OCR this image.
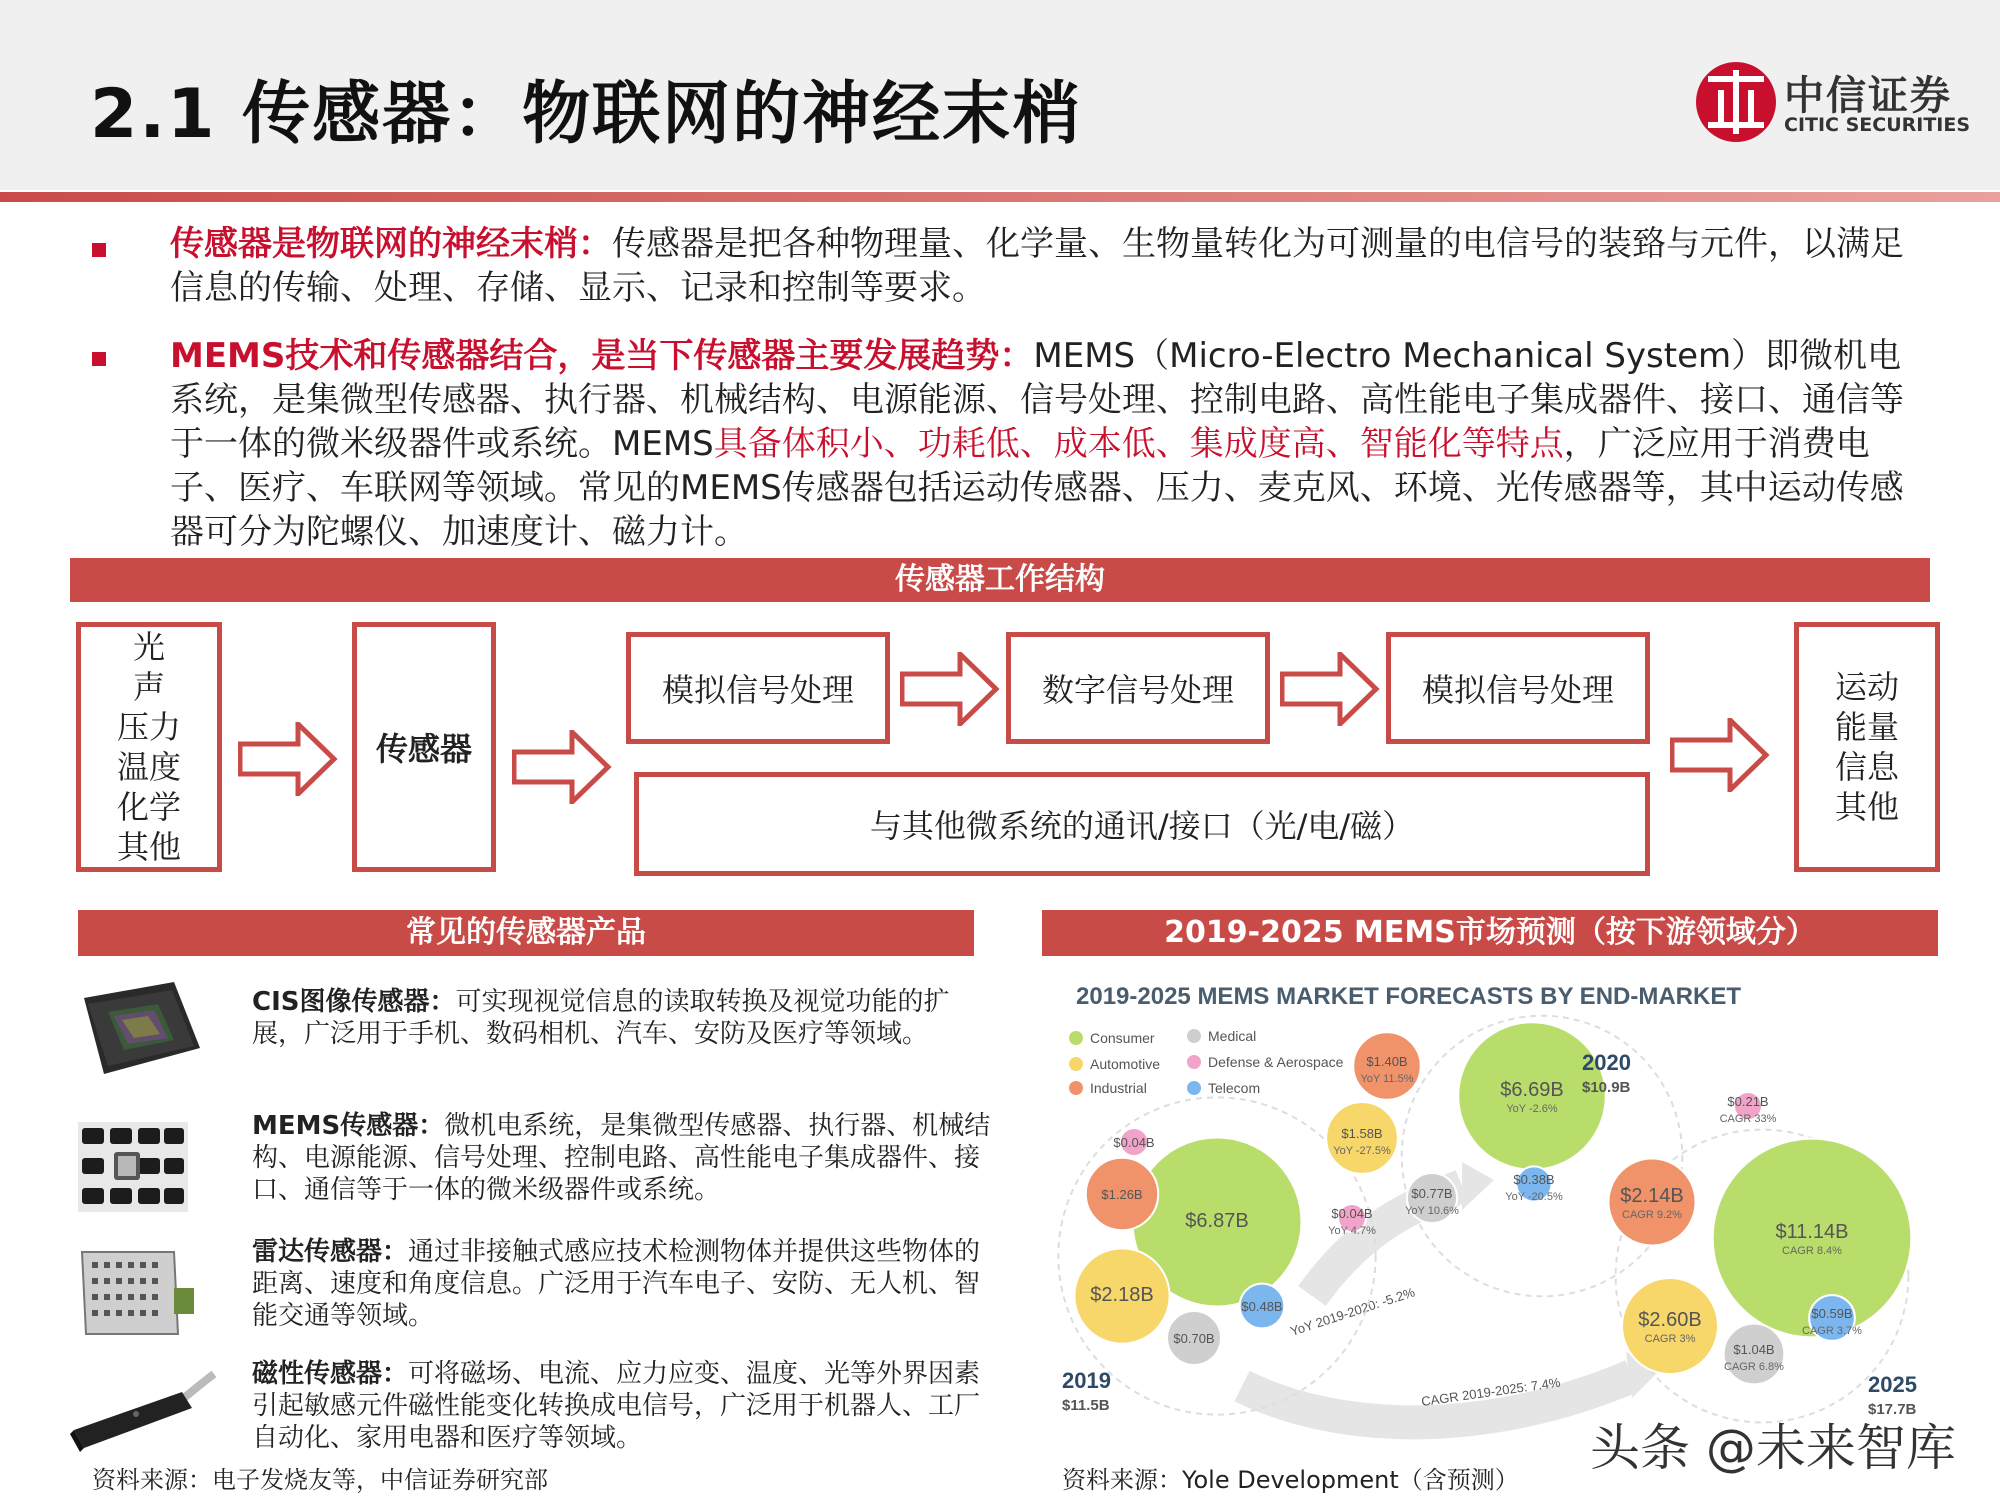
2.1 传感器：物联网的神经末梢	中信证券
CITIC SECURITIES
传感器是物联网的神经末梢：传感器是把各种物理量、化学量、生物量转化为可测量的电信号的装臵与元件，以满足信息的传输、处理、存储、显示、记录和控制等要求。
MEMS技术和传感器结合，是当下传感器主要发展趋势：MEMS（Micro-Electro Mechanical System）即微机电系统，是集微型传感器、执行器、机械结构、电源能源、信号处理、控制电路、高性能电子集成器件、接口、通信等于一体的微米级器件或系统。MEMS具备体积小、功耗低、成本低、集成度高、智能化等特点，广泛应用于消费电子、医疗、车联网等领域。常见的MEMS传感器包括运动传感器、压力、麦克风、环境、光传感器等，其中运动传感器可分为陀螺仪、加速度计、磁力计。
传感器工作结构
光
声
压力
温度
化学
其他
传感器
模拟信号处理	数字信号处理	模拟信号处理
与其他微系统的通讯/接口（光/电/磁）
运动
能量
信息
其他
常见的传感器产品
CIS图像传感器：可实现视觉信息的读取转换及视觉功能的扩展，广泛用于手机、数码相机、汽车、安防及医疗等领域。
MEMS传感器：微机电系统，是集微型传感器、执行器、机械结构、电源能源、信号处理、控制电路、高性能电子集成器件、接口、通信等于一体的微米级器件或系统。
雷达传感器：通过非接触式感应技术检测物体并提供这些物体的距离、速度和角度信息。广泛用于汽车电子、安防、无人机、智能交通等领域。
磁性传感器：可将磁场、电流、应力应变、温度、光等外界因素引起敏感元件磁性能变化转换成电信号，广泛用于机器人、工厂自动化、家用电器和医疗等领域。
资料来源：电子发烧友等，中信证券研究部
2019-2025 MEMS市场预测（按下游领域分）
2019-2025 MEMS MARKET FORECASTS BY END-MARKET
Consumer	Medical
Automotive	Defense & Aerospace
Industrial	Telecom
YoY 2019-2020: -5.2%
CAGR 2019-2025: 7.4%
$6.87B
$2.18B
$1.26B
$0.70B
$0.48B
$0.04B
$6.69B
YoY -2.6%
$1.58B
YoY -27.5%
$1.40B
YoY 11.5%
$0.77B
YoY 10.6%
$0.38B
YoY -20.5%
$0.04B
YoY 4.7%	$11.14B
CAGR 8.4%
$2.60B
CAGR 3%
$2.14B
CAGR 9.2%
$1.04B
CAGR 6.8%
$0.59B
CAGR 3.7%
$0.21B
CAGR 33%
2019
$11.5B
2020
$10.9B
2025
$17.7B
资料来源：Yole Development（含预测）
头条 @未来智库
